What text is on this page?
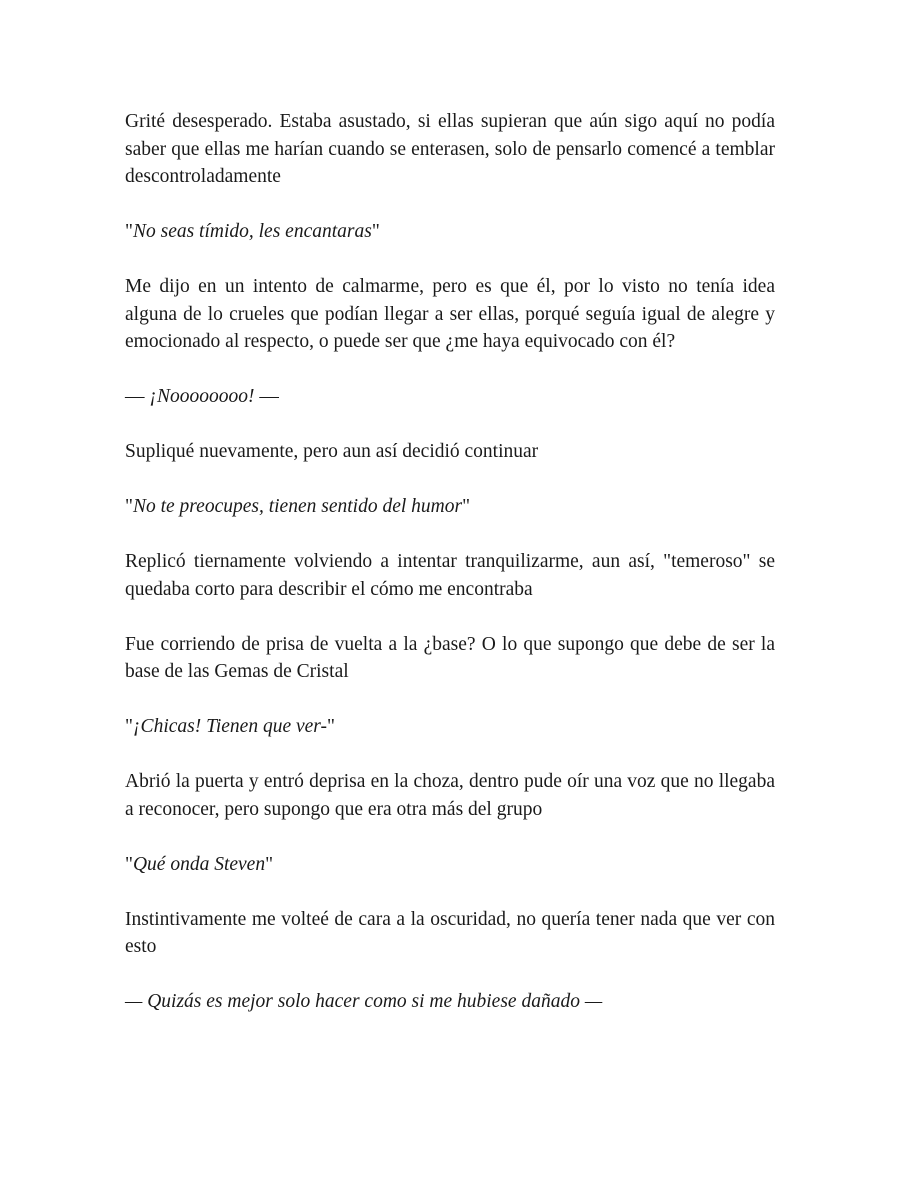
Grité desesperado. Estaba asustado, si ellas supieran que aún sigo aquí no podía saber que ellas me harían cuando se enterasen, solo de pensarlo comencé a temblar descontroladamente

"No seas tímido, les encantaras"

Me dijo en un intento de calmarme, pero es que él, por lo visto no tenía idea alguna de lo crueles que podían llegar a ser ellas, porqué seguía igual de alegre y emocionado al respecto, o puede ser que ¿me haya equivocado con él?

— ¡Noooooooo! —

Supliqué nuevamente, pero aun así decidió continuar

"No te preocupes, tienen sentido del humor"

Replicó tiernamente volviendo a intentar tranquilizarme, aun así, "temeroso" se quedaba corto para describir el cómo me encontraba

Fue corriendo de prisa de vuelta a la ¿base? O lo que supongo que debe de ser la base de las Gemas de Cristal

"¡Chicas! Tienen que ver-"

Abrió la puerta y entró deprisa en la choza, dentro pude oír una voz que no llegaba a reconocer, pero supongo que era otra más del grupo

"Qué onda Steven"

Instintivamente me volteé de cara a la oscuridad, no quería tener nada que ver con esto

— Quizás es mejor solo hacer como si me hubiese dañado —
